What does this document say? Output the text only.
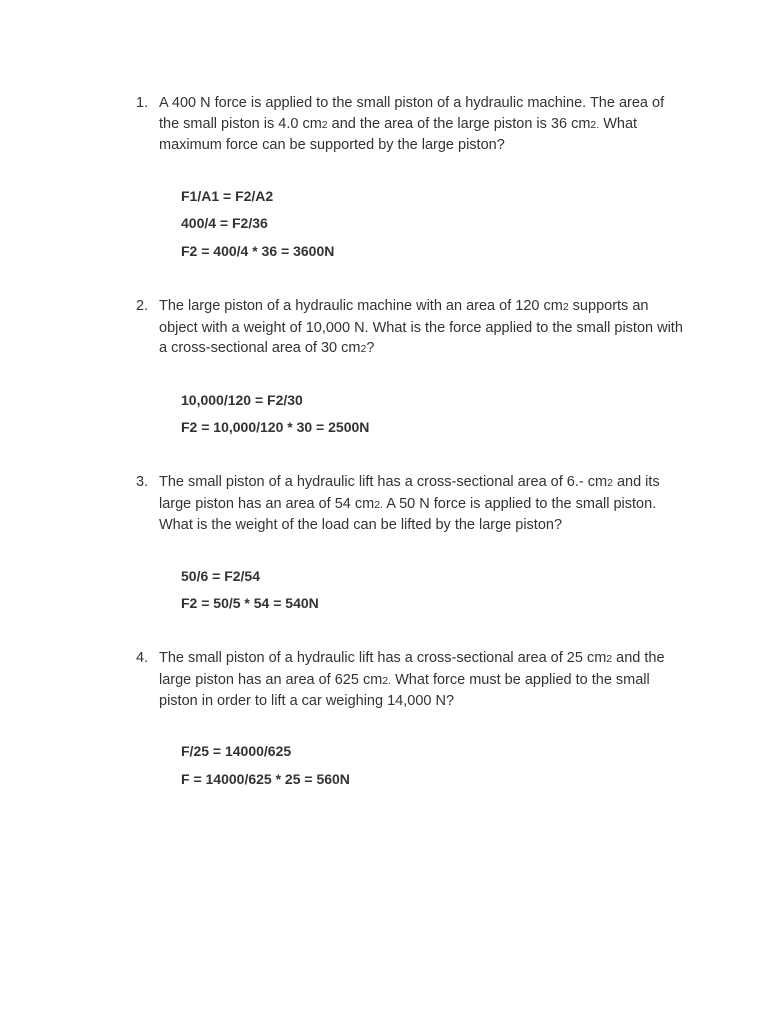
1. A 400 N force is applied to the small piston of a hydraulic machine. The area of the small piston is 4.0 cm2 and the area of the large piston is 36 cm2. What maximum force can be supported by the large piston?
F1/A1 = F2/A2
400/4 = F2/36
F2 = 400/4 * 36 = 3600N
2. The large piston of a hydraulic machine with an area of 120 cm2 supports an object with a weight of 10,000 N. What is the force applied to the small piston with a cross-sectional area of 30 cm2?
10,000/120 = F2/30
F2 = 10,000/120 * 30 = 2500N
3. The small piston of a hydraulic lift has a cross-sectional area of 6.- cm2 and its large piston has an area of 54 cm2. A 50 N force is applied to the small piston. What is the weight of the load can be lifted by the large piston?
50/6 = F2/54
F2 = 50/5 * 54 = 540N
4. The small piston of a hydraulic lift has a cross-sectional area of 25 cm2 and the large piston has an area of 625 cm2. What force must be applied to the small piston in order to lift a car weighing 14,000 N?
F/25 = 14000/625
F = 14000/625 * 25 = 560N
